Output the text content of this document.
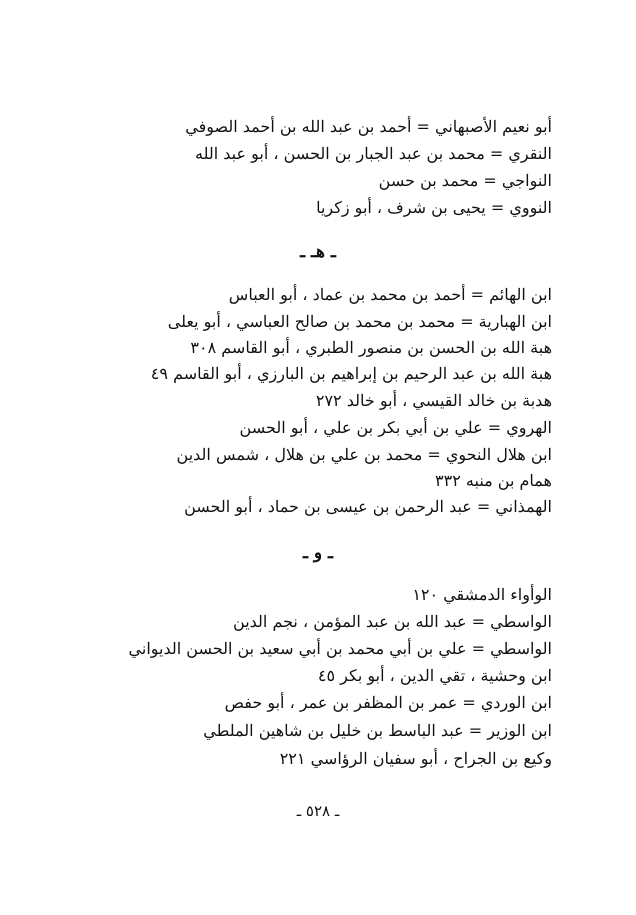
أبو نعيم الأصبهاني = أحمد بن عبد الله بن أحمد الصوفي
النقري = محمد بن عبد الجبار بن الحسن ، أبو عبد الله
النواجي = محمد بن حسن
النووي = يحيى بن شرف ، أبو زكريا
ـ هـ ـ
ابن الهائم = أحمد بن محمد بن عماد ، أبو العباس
ابن الهبارية = محمد بن محمد بن صالح العباسي ، أبو يعلى
هبة الله بن الحسن بن منصور الطبري ، أبو القاسم ٣٠٨
هبة الله بن عبد الرحيم بن إبراهيم بن البارزي ، أبو القاسم ٤٩
هدبة بن خالد القيسي ، أبو خالد ٢٧٢
الهروي = علي بن أبي بكر بن علي ، أبو الحسن
ابن هلال النحوي = محمد بن علي بن هلال ، شمس الدين
همام بن منبه ٣٣٢
الهمذاني = عبد الرحمن بن عيسى بن حماد ، أبو الحسن
ـ و ـ
الوأواء الدمشقي ١٢٠
الواسطي = عبد الله بن عبد المؤمن ، نجم الدين
الواسطي = علي بن أبي محمد بن أبي سعيد بن الحسن الديواني
ابن وحشية ، تقي الدين ، أبو بكر ٤٥
ابن الوردي = عمر بن المظفر بن عمر ، أبو حفص
ابن الوزير = عبد الباسط بن خليل بن شاهين الملطي
وكيع بن الجراح ، أبو سفيان الرؤاسي ٢٢١
ـ ٥٢٨ ـ
